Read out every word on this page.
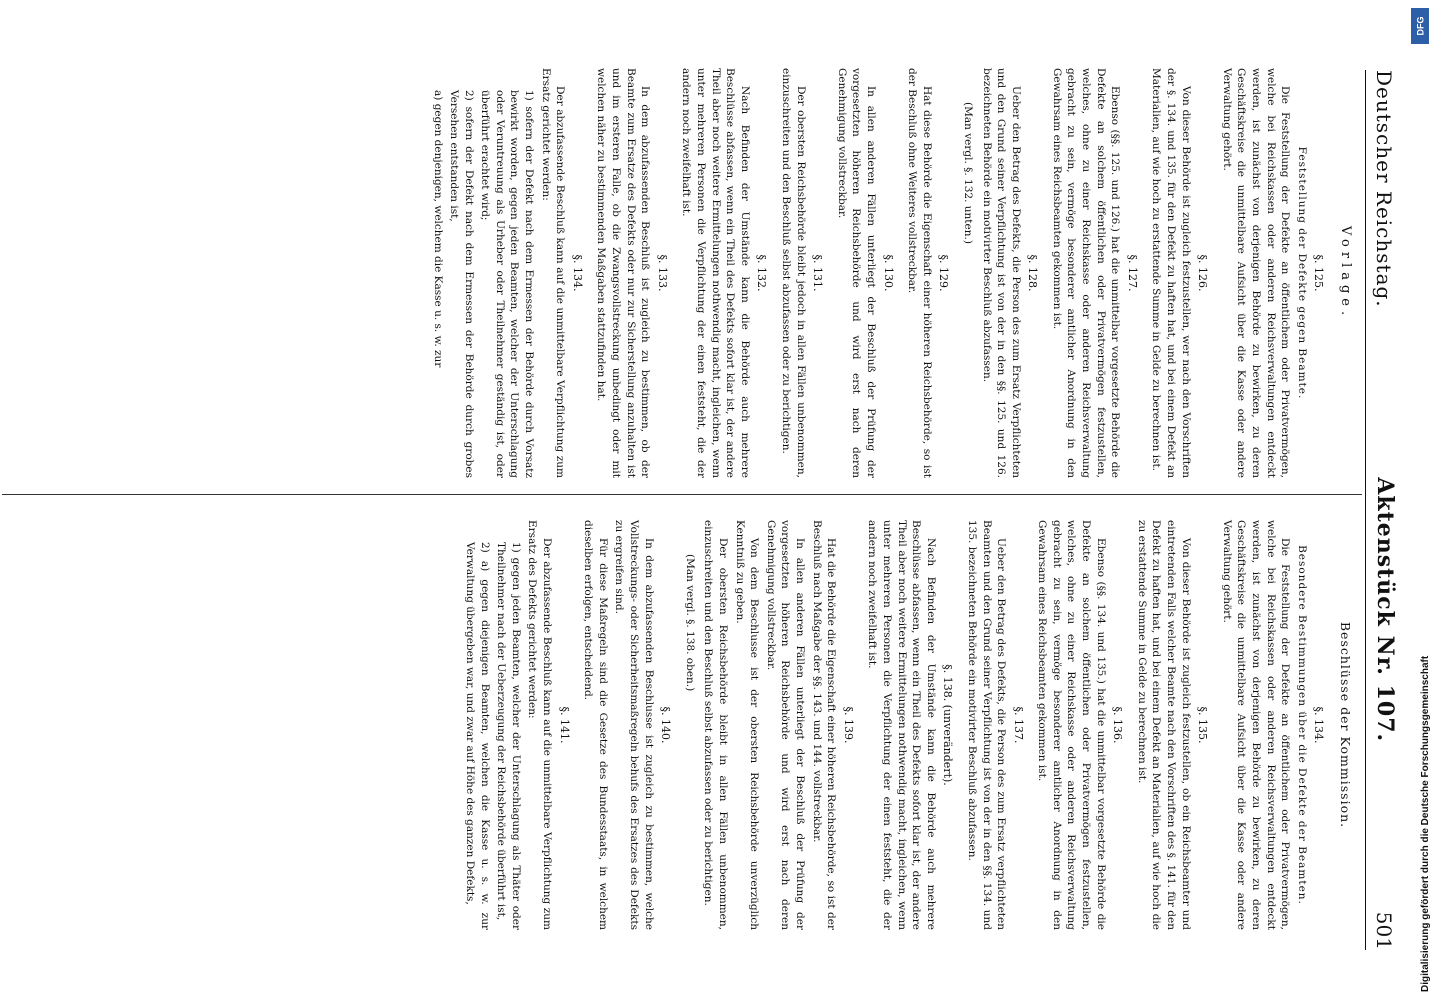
Deutscher Reichstag.
Aktenstück Nr. 107.
501
Vorlage.
§. 125.
Feststellung der Defekte gegen Beamte.

Die Feststellung der Defekte an öffentlichem oder Privatvermögen, welche bei Reichskassen oder anderen Reichsverwaltungen entdeckt werden, ist zunächst von derjenigen Behörde zu bewirken, zu deren Geschäftskreise die unmittelbare Aufsicht über die Kasse oder andere Verwaltung gehört.

§. 126.

Von dieser Behörde ist zugleich festzustellen, wer nach den Vorschriften der §. 134. und 135. für den Defekt zu haften hat, und bei einem Defekt an Materialien, auf wie hoch zu erstattende Summe in Gelde zu berechnen ist.

§. 127.

Ebenso (§§. 125. und 126.) hat die unmittelbar vorgesetzte Behörde die Defekte an solchem öffentlichen oder Privatvermögen festzustellen, welches, ohne zu einer Reichskasse oder anderen Reichsverwaltung gebracht zu sein, vermöge besonderer amtlicher Anordnung in den Gewahrsam eines Reichsbeamten gekommen ist.

§. 128.

Ueber den Betrag des Defekts, die Person des zum Ersatz Verpflichteten und den Grund seiner Verpflichtung ist von der in den §§. 125. und 126. bezeichneten Behörde ein motivirter Beschluß abzufassen.

(Man vergl. §. 132. unten.)

§. 129.

Hat diese Behörde die Eigenschaft einer höheren Reichsbehörde, so ist der Beschluß ohne Weiteres vollstreckbar.

§. 130.

In allen anderen Fällen unterliegt der Beschluß der Prüfung der vorgesetzten höheren Reichsbehörde und wird erst nach deren Genehmigung vollstreckbar.

§. 131.

Der obersten Reichsbehörde bleibt jedoch in allen Fällen unbenommen, einzuschreiten und den Beschluß selbst abzufassen oder zu berichtigen.

§. 132.

Nach Befinden der Umstände kann die Behörde auch mehrere Beschlüsse abfassen, wenn ein Theil des Defekts sofort klar ist, der andere Theil aber noch weitere Ermittelungen nothwendig macht, ingleichen, wenn unter mehreren Personen die Verpflichtung der einen feststeht, die der andern noch zweifelhaft ist.

§. 133.

In dem abzufassenden Beschluß ist zugleich zu bestimmen, ob der Beamte zum Ersatze des Defekts oder nur zur Sicherstellung anzuhalten ist und im ersteren Falle, ob die Zwangsvollstreckung unbedingt oder mit welchen näher zu bestimmenden Maßgaben stattzufinden hat.

§. 134.

Der abzufassende Beschluß kann auf die unmittelbare Verpflichtung zum Ersatz gerichtet werden:

1) sofern der Defekt nach dem Ermessen der Behörde durch Vorsatz bewirkt worden, gegen jeden Beamten, welcher der Unterschlagung oder Veruntreuung als Urheber oder Theilnehmer geständig ist, oder überführt erachtet wird;

2) sofern der Defekt nach dem Ermessen der Behörde durch grobes Versehen entstanden ist,

a) gegen denjenigen, welchem die Kasse u. s. w. zur

Beschlüsse der Kommission.
§. 134.
Besondere Bestimmungen über die Defekte der Beamten.

Die Feststellung der Defekte an öffentlichem oder Privatvermögen, welche bei Reichskassen oder anderen Reichsverwaltungen entdeckt werden, ist zunächst von derjenigen Behörde zu bewirken, zu deren Geschäftskreise die unmittelbare Aufsicht über die Kasse oder andere Verwaltung gehört.

§. 135.

Von dieser Behörde ist zugleich festzustellen, ob ein Reichsbeamter und eintretenden Falls welcher Beamte nach den Vorschriften des §. 141. für den Defekt zu haften hat, und bei einem Defekt an Materialien, auf wie hoch die zu erstattende Summe in Gelde zu berechnen ist.

§. 136.

Ebenso (§§. 134. und 135.) hat die unmittelbar vorgesetzte Behörde die Defekte an solchem öffentlichen oder Privatvermögen festzustellen, welches, ohne zu einer Reichskasse oder anderen Reichsverwaltung gebracht zu sein, vermöge besonderer amtlicher Anordnung in den Gewahrsam eines Reichsbeamten gekommen ist.

§. 137.

Ueber den Betrag des Defekts, die Person des zum Ersatz verpflichteten Beamten und den Grund seiner Verpflichtung ist von der in den §§. 134. und 135. bezeichneten Behörde ein motivirter Beschluß abzufassen.

§. 138. (unverändert).

Nach Befinden der Umstände kann die Behörde auch mehrere Beschlüsse abfassen, wenn ein Theil des Defekts sofort klar ist, der andere Theil aber noch weitere Ermittelungen nothwendig macht, ingleichen, wenn unter mehreren Personen die Verpflichtung der einen feststeht, die der andern noch zweifelhaft ist.

§. 139.

Hat die Behörde die Eigenschaft einer höheren Reichsbehörde, so ist der Beschluß nach Maßgabe der §§. 143. und 144. vollstreckbar.

In allen anderen Fällen unterliegt der Beschluß der Prüfung der vorgesetzten höheren Reichsbehörde und wird erst nach deren Genehmigung vollstreckbar.

Von dem Beschlusse ist der obersten Reichsbehörde unverzüglich Kenntniß zu geben.

Der obersten Reichsbehörde bleibt in allen Fällen unbenommen, einzuschreiten und den Beschluß selbst abzufassen oder zu berichtigen.

(Man vergl. §. 138. oben.)

§. 140.

In dem abzufassenden Beschlusse ist zugleich zu bestimmen, welche Vollstreckungs- oder Sicherheitsmaßregeln behufs des Ersatzes des Defekts zu ergreifen sind.

Für diese Maßregeln sind die Gesetze des Bundesstaats, in welchem dieselben erfolgen, entscheidend.

§. 141.

Der abzufassende Beschluß kann auf die unmittelbare Verpflichtung zum Ersatz des Defekts gerichtet werden:

1) gegen jeden Beamten, welcher der Unterschlagung als Thäter oder Theilnehmer nach der Ueberzeugung der Reichsbehörde überführt ist,

2) a) gegen diejenigen Beamten, welchen die Kasse u. s. w. zur Verwaltung übergeben war, und zwar auf Höhe des ganzen Defekts,

DFG
Digitalisierung gefördert durch die Deutsche Forschungsgemeinschaft
